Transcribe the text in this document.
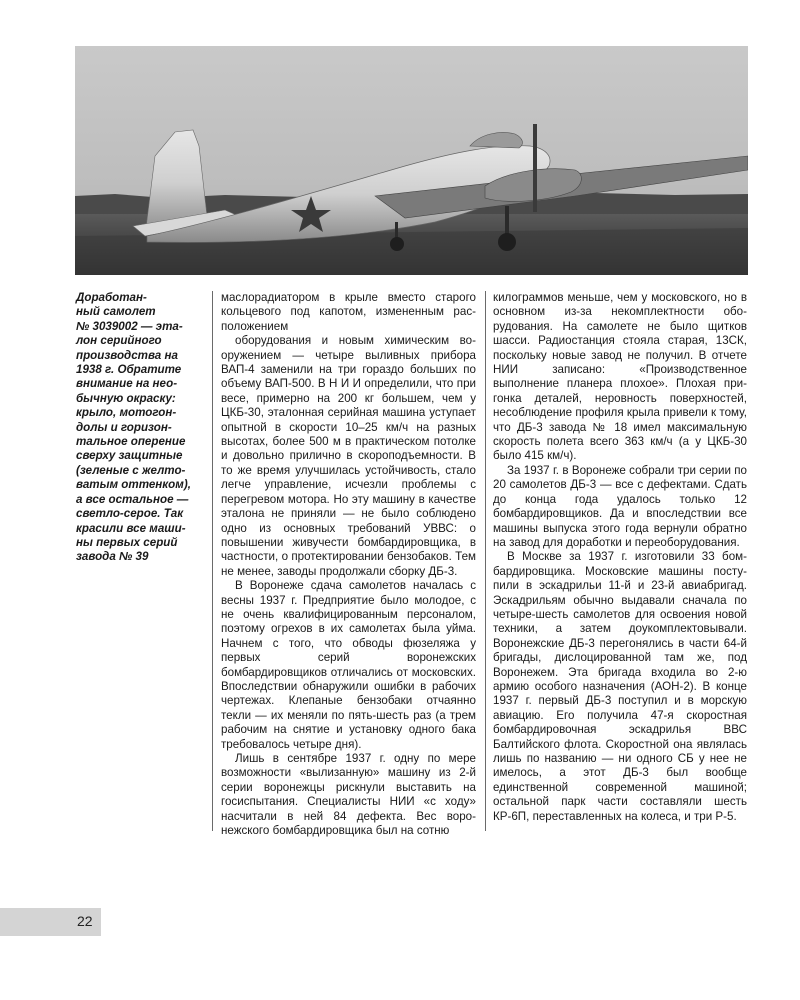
Доработан-
ный самолет
№ 3039002 — эта-
лон серийного
производства на
1938 г. Обратите
внимание на нео-
бычную окраску:
крыло, мотогон-
долы и горизон-
тальное оперение
сверху защитные
(зеленые с желто-
ватым оттенком),
а все остальное —
светло-серое. Так
красили все маши-
ны первых серий
завода № 39

маслорадиатором в крыле вместо старого кольцевого под капотом, измененным расположением

оборудования и новым химическим вооружением — четыре выливных прибора ВАП-4 заменили на три гораздо больших по объему ВАП-500. В Н И И определили, что при весе, примерно на 200 кг большем, чем у ЦКБ-30, эталонная серийная машина уступает опытной в скорости 10–25 км/ч на разных высотах, более 500 м в практическом потолке и довольно прилично в скороподъемности. В то же время улучшилась устойчивость, стало легче управление, исчезли проблемы с перегревом мотора. Но эту машину в качестве эталона не приняли — не было соблюдено одно из основных требований УВВС: о повышении живучести бомбардировщика, в частности, о протектировании бензобаков. Тем не менее, заводы продолжали сборку ДБ-3.

В Воронеже сдача самолетов началась с весны 1937 г. Предприятие было молодое, с не очень квалифицированным персоналом, поэтому огрехов в их самолетах была уйма. Начнем с того, что обводы фюзеляжа у первых серий воронежских бомбардировщиков отличались от московских. Впоследствии обнаружили ошибки в рабочих чертежах. Клепаные бензобаки отчаянно текли — их меняли по пять-шесть раз (а трем рабочим на снятие и установку одного бака требовалось четыре дня).

Лишь в сентябре 1937 г. одну по мере возможности «вылизанную» машину из 2-й серии воронежцы рискнули выставить на госиспытания. Специалисты НИИ «с ходу» насчитали в ней 84 дефекта. Вес воронежского бомбардировщика был на сотню

килограммов меньше, чем у московского, но в основном из-за некомплектности оборудования. На самолете не было щитков шасси. Радиостанция стояла старая, 13СК, поскольку новые завод не получил. В отчете НИИ записано: «Производственное выполнение планера плохое». Плохая пригонка деталей, неровность поверхностей, несоблюдение профиля крыла привели к тому, что ДБ-3 завода № 18 имел максимальную скорость полета всего 363 км/ч (а у ЦКБ-30 было 415 км/ч).

За 1937 г. в Воронеже собрали три серии по 20 самолетов ДБ-3 — все с дефектами. Сдать до конца года удалось только 12 бомбардировщиков. Да и впоследствии все машины выпуска этого года вернули обратно на завод для доработки и переоборудования.

В Москве за 1937 г. изготовили 33 бомбардировщика. Московские машины поступили в эскадрильи 11-й и 23-й авиабригад. Эскадрильям обычно выдавали сначала по четыре-шесть самолетов для освоения новой техники, а затем доукомплектовывали. Воронежские ДБ-3 перегонялись в части 64-й бригады, дислоцированной там же, под Воронежем. Эта бригада входила во 2-ю армию особого назначения (АОН-2). В конце 1937 г. первый ДБ-3 поступил и в морскую авиацию. Его получила 47-я скоростная бомбардировочная эскадрилья ВВС Балтийского флота. Скоростной она являлась лишь по названию — ни одного СБ у нее не имелось, а этот ДБ-3 был вообще единственной современной машиной; остальной парк части составляли шесть КР-6П, переставленных на колеса, и три Р-5.

22
